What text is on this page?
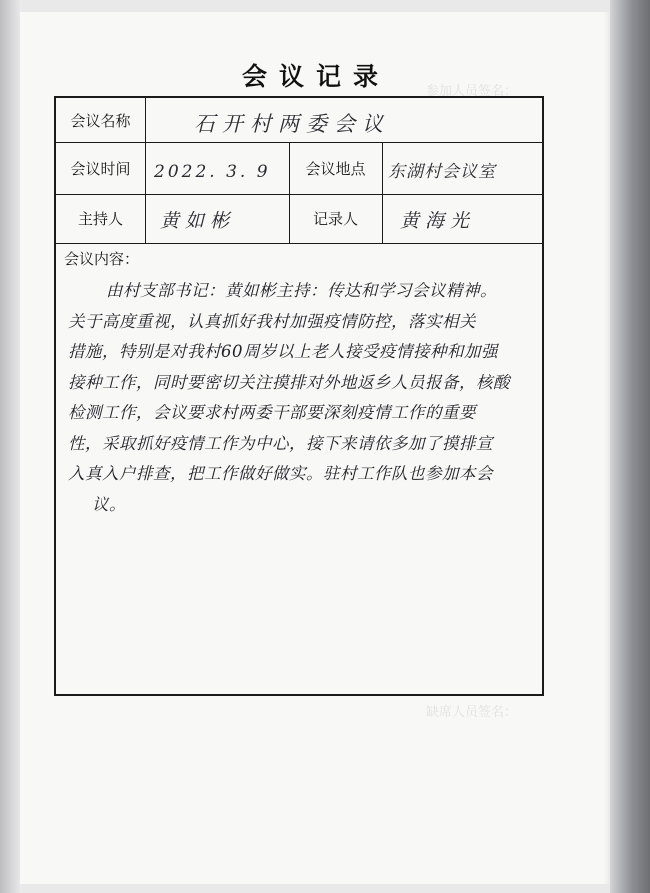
参加人员签名：
缺席人员签名：
会议记录
会议名称	石开村两委会议
会议时间	2022. 3. 9	会议地点	东湖村会议室
主持人	黄如彬	记录人	黄海光
会议内容：
由村支部书记：黄如彬主持：传达和学习会议精神。
关于高度重视，认真抓好我村加强疫情防控，落实相关
措施，特别是对我村60周岁以上老人接受疫情接种和加强
接种工作，同时要密切关注摸排对外地返乡人员报备，核酸
检测工作，会议要求村两委干部要深刻疫情工作的重要
性，采取抓好疫情工作为中心，接下来请依多加了摸排宣
入真入户排查，把工作做好做实。驻村工作队也参加本会
议。
